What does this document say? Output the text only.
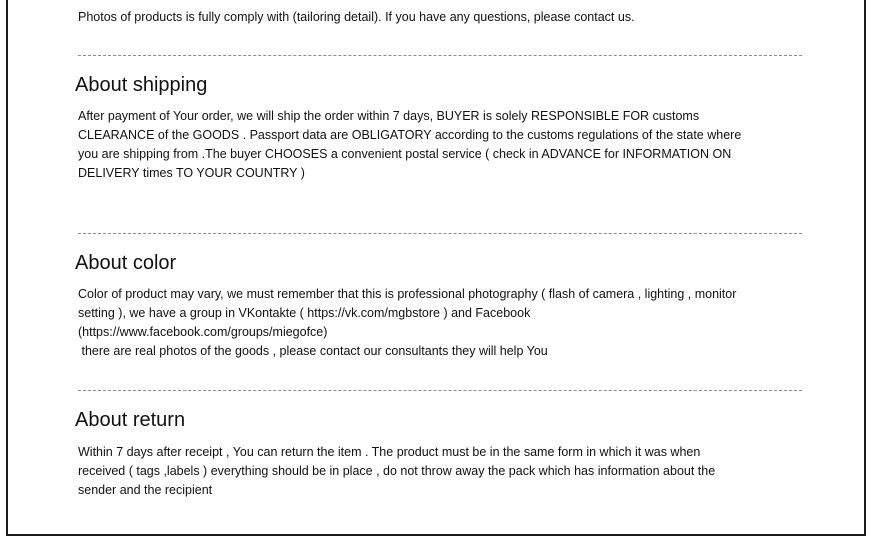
Photos of products is fully comply with (tailoring detail). If you have any questions, please contact us.

About shipping
After payment of Your order, we will ship the order within 7 days, BUYER is solely RESPONSIBLE FOR customs
CLEARANCE of the GOODS . Passport data are OBLIGATORY according to the customs regulations of the state where
you are shipping from .The buyer CHOOSES a convenient postal service ( check in ADVANCE for INFORMATION ON
DELIVERY times TO YOUR COUNTRY )
About color
Color of product may vary, we must remember that this is professional photography ( flash of camera , lighting , monitor
setting ), we have a group in VKontakte ( https://vk.com/mgbstore ) and Facebook
(https://www.facebook.com/groups/miegofce)
there are real photos of the goods , please contact our consultants they will help You
About return
Within 7 days after receipt , You can return the item . The product must be in the same form in which it was when
received ( tags ,labels ) everything should be in place , do not throw away the pack which has information about the
sender and the recipient
